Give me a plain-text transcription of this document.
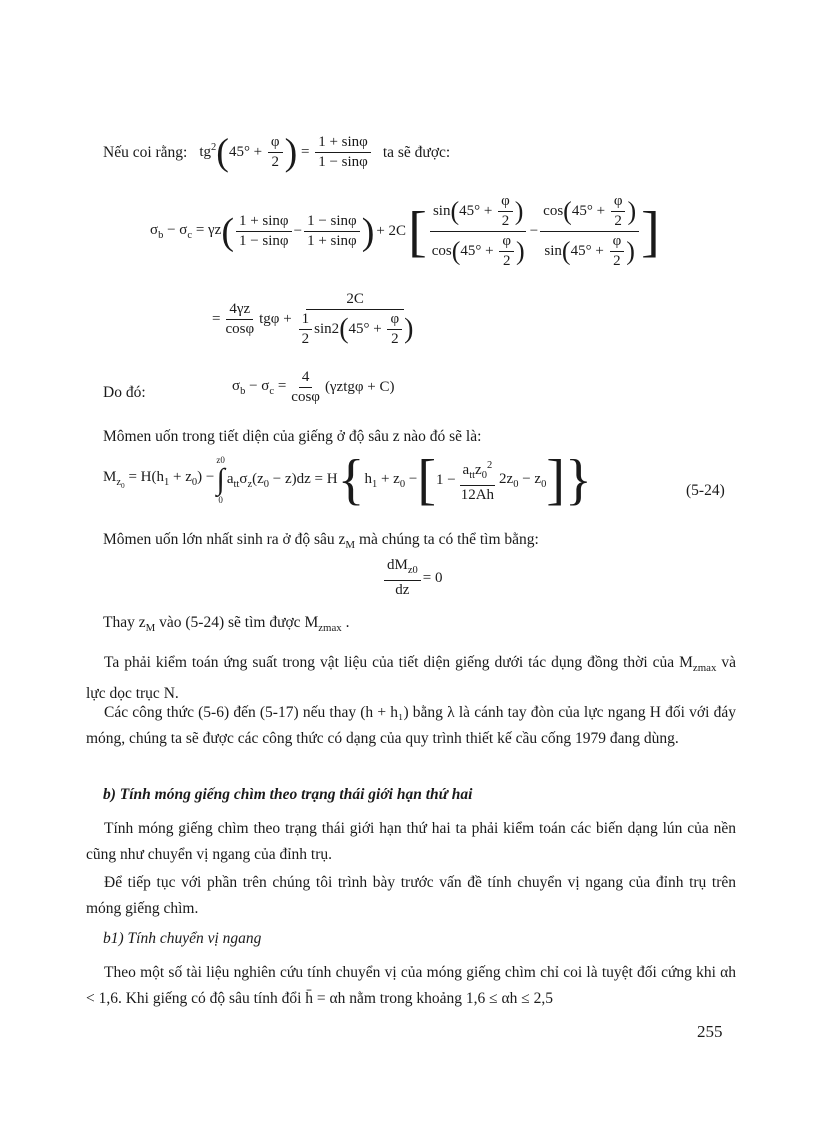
Nếu coi rằng: $tg^2(45^\circ + \frac{\varphi}{2}$ ) = $\frac{1 + \sin\varphi}{1 - \sin\varphi}$ ta sẽ được:
$\sigma_b - \sigma_c = \gamma z$ ( $\frac{1 + \sin\varphi}{1 - \sin\varphi} - \frac{1 - \sin\varphi}{1 + \sin\varphi}$ ) + 2C [ $\frac{\sin(45^\circ + \frac{\varphi}{2} )}{\cos(45^\circ + \frac{\varphi}{2} )} - \frac{\cos(45^\circ + \frac{\varphi}{2} )}{\sin(45^\circ + \frac{\varphi}{2} )}$ ]
= $\frac{4\gamma z}{\cos\varphi}$ $tg\varphi + \frac{2C}{\frac{1}{2} \sin 2(45^\circ + \frac{\varphi}{2} )}$
Do đó:	$\sigma_b - \sigma_c = \frac{4}{\cos\varphi} (\gamma ztg\varphi + C)$
Mômen uốn trong tiết diện của giếng ở độ sâu z nào đó sẽ là:
$M_{z_0} = H(h_1 + z_0)$ −
z0
∫
0
$a_{tt}\sigma_z(z_0 - z)dz = H$ { $h_1 + z_0$ − [ $1 - \frac{a_{tt}z_0^2}{12Ah} 2z_0 - z_0$ ] }	(5-24)
Mômen uốn lớn nhất sinh ra ở độ sâu $z_M$ mà chúng ta có thể tìm bằng:
$\frac{dM_{z0}}{dz} = 0$
Thay $z_M$ vào (5-24) sẽ tìm được $M_{zmax}$ .
Ta phải kiểm toán ứng suất trong vật liệu của tiết diện giếng dưới tác dụng đồng thời của $M_{zmax}$ và lực dọc trục N.
Các công thức (5-6) đến (5-17) nếu thay (h + h₁) bằng λ là cánh tay đòn của lực ngang H đối với đáy móng, chúng ta sẽ được các công thức có dạng của quy trình thiết kế cầu cống 1979 đang dùng.
b) Tính móng giếng chìm theo trạng thái giới hạn thứ hai
Tính móng giếng chìm theo trạng thái giới hạn thứ hai ta phải kiểm toán các biến dạng lún của nền cũng như chuyển vị ngang của đỉnh trụ.
Để tiếp tục với phần trên chúng tôi trình bày trước vấn đề tính chuyển vị ngang của đỉnh trụ trên móng giếng chìm.
b1) Tính chuyển vị ngang
Theo một số tài liệu nghiên cứu tính chuyển vị của móng giếng chìm chỉ coi là tuyệt đối cứng khi αh < 1,6. Khi giếng có độ sâu tính đổi h̄ = αh nằm trong khoảng 1,6 ≤ αh ≤ 2,5
255
